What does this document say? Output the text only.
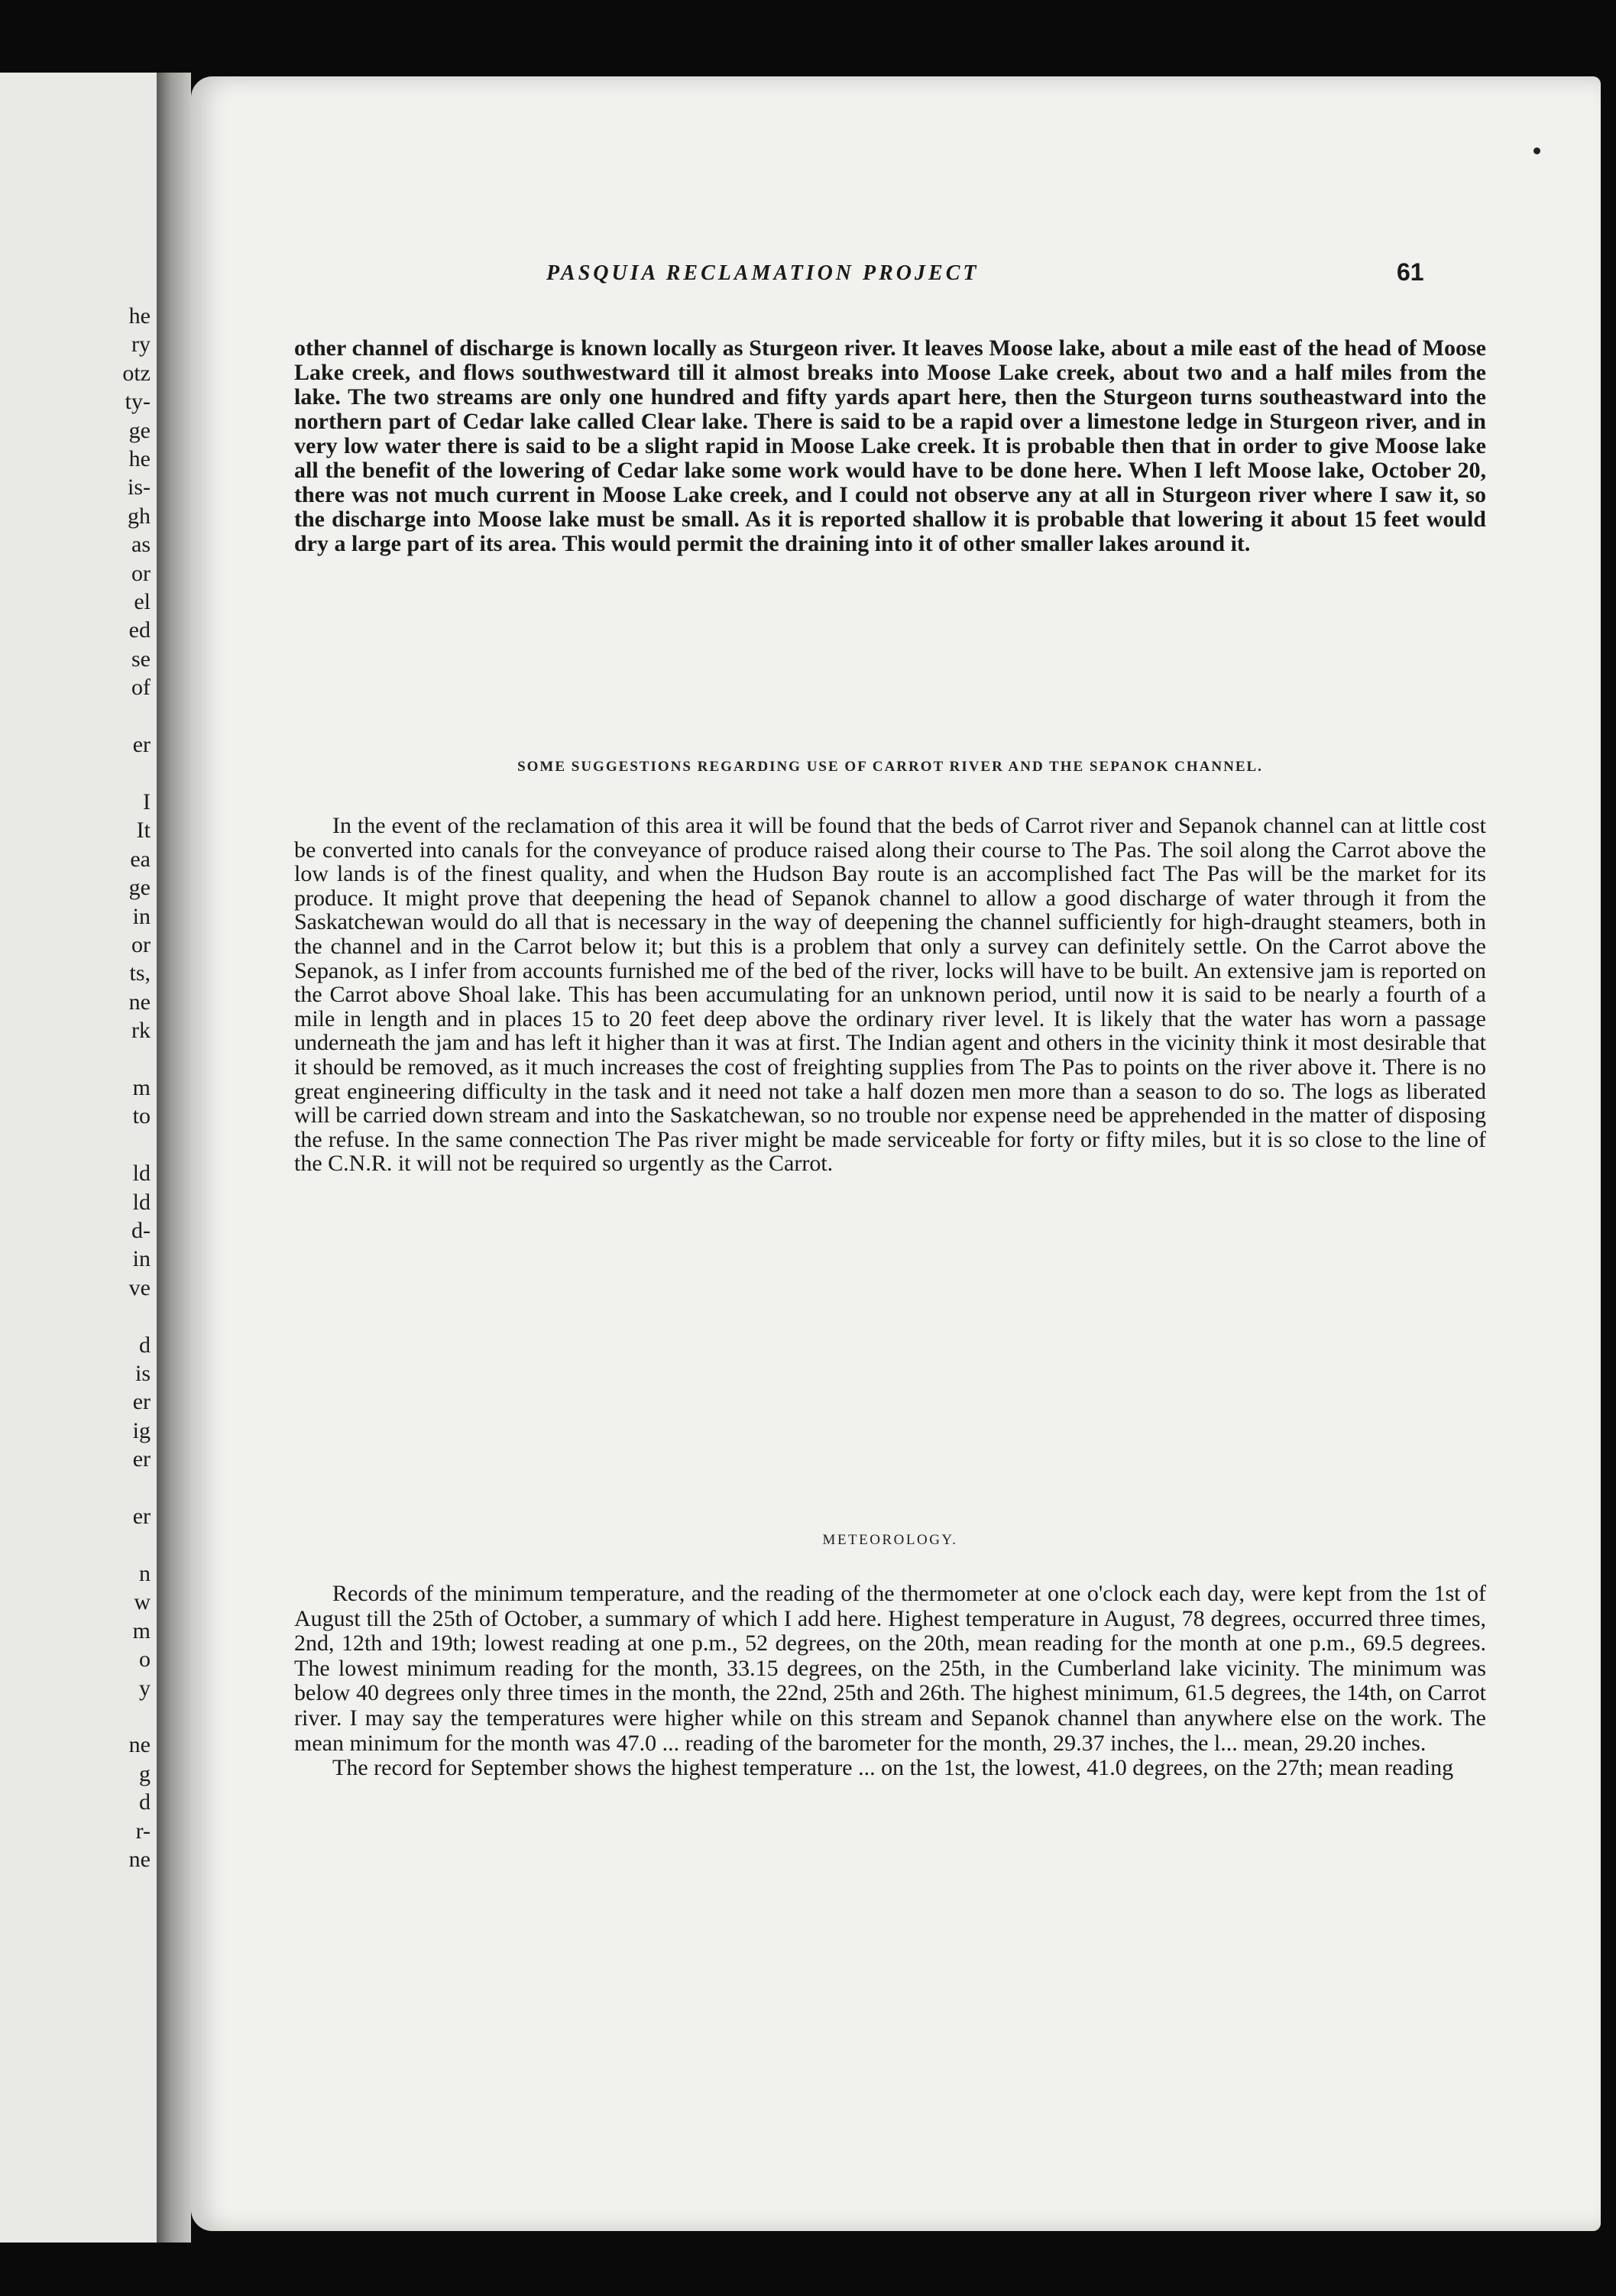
he
ry
otz
ty-
ge
he
is-
gh
as
or
el
ed
se
of

er

I
It
ea
ge
in
or
ts,
ne
rk

m
to

ld
ld
d-
in
ve

d
is
er
ig
er

er

n
w
m
o
y

ne
g
d
r-
ne
PASQUIA RECLAMATION PROJECT	61

other channel of discharge is known locally as Sturgeon river. It leaves Moose lake, about a mile east of the head of Moose Lake creek, and flows southwestward till it almost breaks into Moose Lake creek, about two and a half miles from the lake. The two streams are only one hundred and fifty yards apart here, then the Sturgeon turns southeastward into the northern part of Cedar lake called Clear lake. There is said to be a rapid over a limestone ledge in Sturgeon river, and in very low water there is said to be a slight rapid in Moose Lake creek. It is probable then that in order to give Moose lake all the benefit of the lowering of Cedar lake some work would have to be done here. When I left Moose lake, October 20, there was not much current in Moose Lake creek, and I could not observe any at all in Sturgeon river where I saw it, so the discharge into Moose lake must be small. As it is reported shallow it is probable that lowering it about 15 feet would dry a large part of its area. This would permit the draining into it of other smaller lakes around it.

SOME SUGGESTIONS REGARDING USE OF CARROT RIVER AND THE SEPANOK CHANNEL.

In the event of the reclamation of this area it will be found that the beds of Carrot river and Sepanok channel can at little cost be converted into canals for the conveyance of produce raised along their course to The Pas. The soil along the Carrot above the low lands is of the finest quality, and when the Hudson Bay route is an accomplished fact The Pas will be the market for its produce. It might prove that deepening the head of Sepanok channel to allow a good discharge of water through it from the Saskatchewan would do all that is necessary in the way of deepening the channel sufficiently for high-draught steamers, both in the channel and in the Carrot below it; but this is a problem that only a survey can definitely settle. On the Carrot above the Sepanok, as I infer from accounts furnished me of the bed of the river, locks will have to be built. An extensive jam is reported on the Carrot above Shoal lake. This has been accumulating for an unknown period, until now it is said to be nearly a fourth of a mile in length and in places 15 to 20 feet deep above the ordinary river level. It is likely that the water has worn a passage underneath the jam and has left it higher than it was at first. The Indian agent and others in the vicinity think it most desirable that it should be removed, as it much increases the cost of freighting supplies from The Pas to points on the river above it. There is no great engineering difficulty in the task and it need not take a half dozen men more than a season to do so. The logs as liberated will be carried down stream and into the Saskatchewan, so no trouble nor expense need be apprehended in the matter of disposing the refuse. In the same connection The Pas river might be made serviceable for forty or fifty miles, but it is so close to the line of the C.N.R. it will not be required so urgently as the Carrot.

METEOROLOGY.

Records of the minimum temperature, and the reading of the thermometer at one o'clock each day, were kept from the 1st of August till the 25th of October, a summary of which I add here. Highest temperature in August, 78 degrees, occurred three times, 2nd, 12th and 19th; lowest reading at one p.m., 52 degrees, on the 20th, mean reading for the month at one p.m., 69.5 degrees. The lowest minimum reading for the month, 33.15 degrees, on the 25th, in the Cumberland lake vicinity. The minimum was below 40 degrees only three times in the month, the 22nd, 25th and 26th. The highest minimum, 61.5 degrees, the 14th, on Carrot river. I may say the temperatures were higher while on this stream and Sepanok channel than anywhere else on the work. The mean minimum for the month was 47.0 ... reading of the barometer for the month, 29.37 inches, the l... mean, 29.20 inches.

The record for September shows the highest temperature ... on the 1st, the lowest, 41.0 degrees, on the 27th; mean reading
